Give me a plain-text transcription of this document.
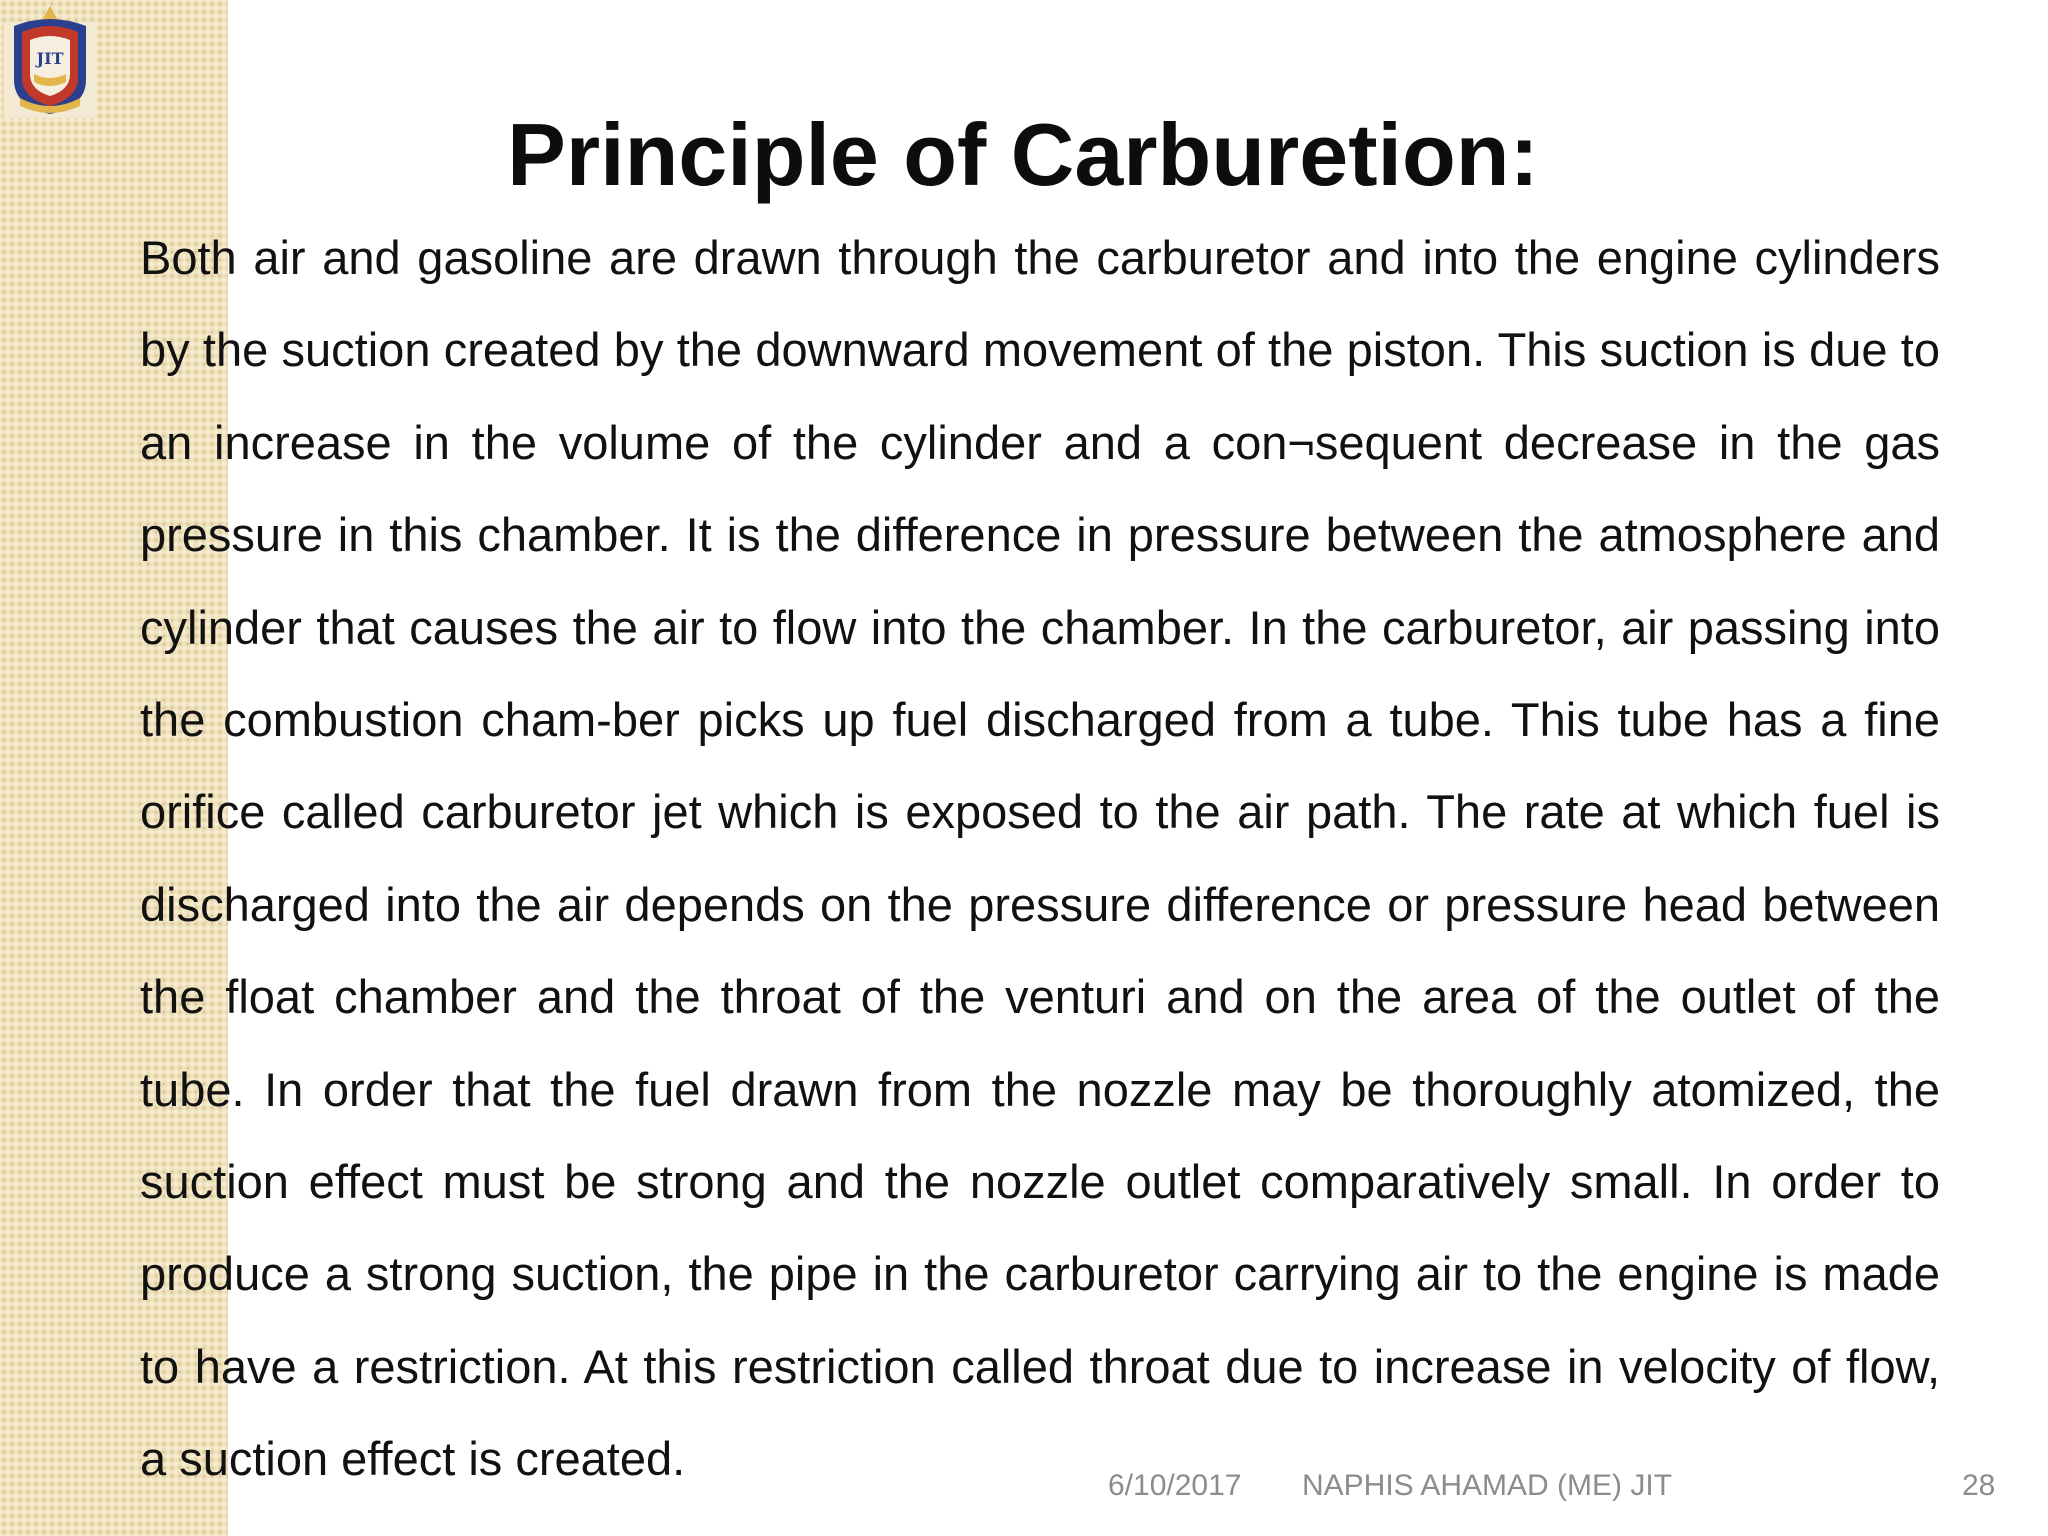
JIT
Principle of Carburetion:

Both air and gasoline are drawn through the carburetor and into the engine cylinders by the suction created by the downward movement of the piston. This suction is due to an increase in the volume of the cylinder and a con¬sequent decrease in the gas pressure in this chamber. It is the difference in pressure between the atmosphere and cylinder that causes the air to flow into the chamber. In the carburetor, air passing into the combustion cham-ber picks up fuel discharged from a tube. This tube has a fine orifice called carburetor jet which is exposed to the air path. The rate at which fuel is discharged into the air depends on the pressure difference or pressure head between the float chamber and the throat of the venturi and on the area of the outlet of the tube. In order that the fuel drawn from the nozzle may be thoroughly atomized, the suction effect must be strong and the nozzle outlet comparatively small. In order to produce a strong suction, the pipe in the carburetor carrying air to the engine is made to have a restriction. At this restriction called throat due to increase in velocity of flow, a suction effect is created.

6/10/2017 NAPHIS AHAMAD (ME) JIT	28
